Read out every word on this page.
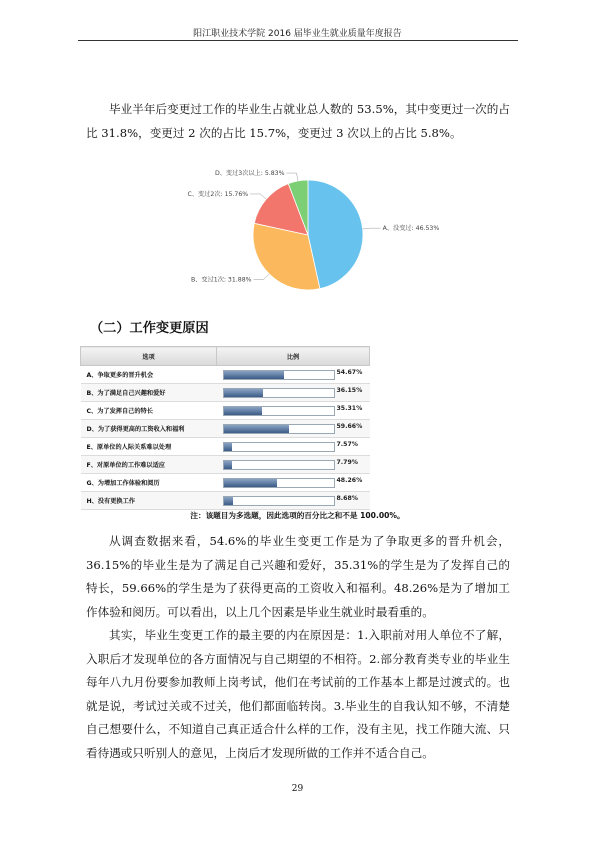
阳江职业技术学院 2016 届毕业生就业质量年度报告

毕业半年后变更过工作的毕业生占就业总人数的 53.5%，其中变更过一次的占比 31.8%，变更过 2 次的占比 15.7%，变更过 3 次以上的占比 5.8%。

A、没变过: 46.53%
B、变过1次: 31.88%
C、变过2次: 15.76%
D、变过3次以上: 5.83%
（二）工作变更原因
选项	比例
A、争取更多的晋升机会	54.67%

B、为了满足自己兴趣和爱好	36.15%

C、为了发挥自己的特长	35.31%

D、为了获得更高的工资收入和福利	59.66%

E、原单位的人际关系难以处理	7.57%

F、对原单位的工作难以适应	7.79%

G、为增加工作体验和阅历	48.26%

H、没有更换工作	8.68%

注：该题目为多选题，因此选项的百分比之和不是 100.00%。

从调查数据来看，54.6%的毕业生变更工作是为了争取更多的晋升机会，36.15%的毕业生是为了满足自己兴趣和爱好，35.31%的学生是为了发挥自己的特长，59.66%的学生是为了获得更高的工资收入和福利。48.26%是为了增加工作体验和阅历。可以看出，以上几个因素是毕业生就业时最看重的。

其实，毕业生变更工作的最主要的内在原因是：1.入职前对用人单位不了解，入职后才发现单位的各方面情况与自己期望的不相符。2.部分教育类专业的毕业生每年八九月份要参加教师上岗考试，他们在考试前的工作基本上都是过渡式的。也就是说，考试过关或不过关，他们都面临转岗。3.毕业生的自我认知不够，不清楚自己想要什么，不知道自己真正适合什么样的工作，没有主见，找工作随大流、只看待遇或只听别人的意见，上岗后才发现所做的工作并不适合自己。

29
